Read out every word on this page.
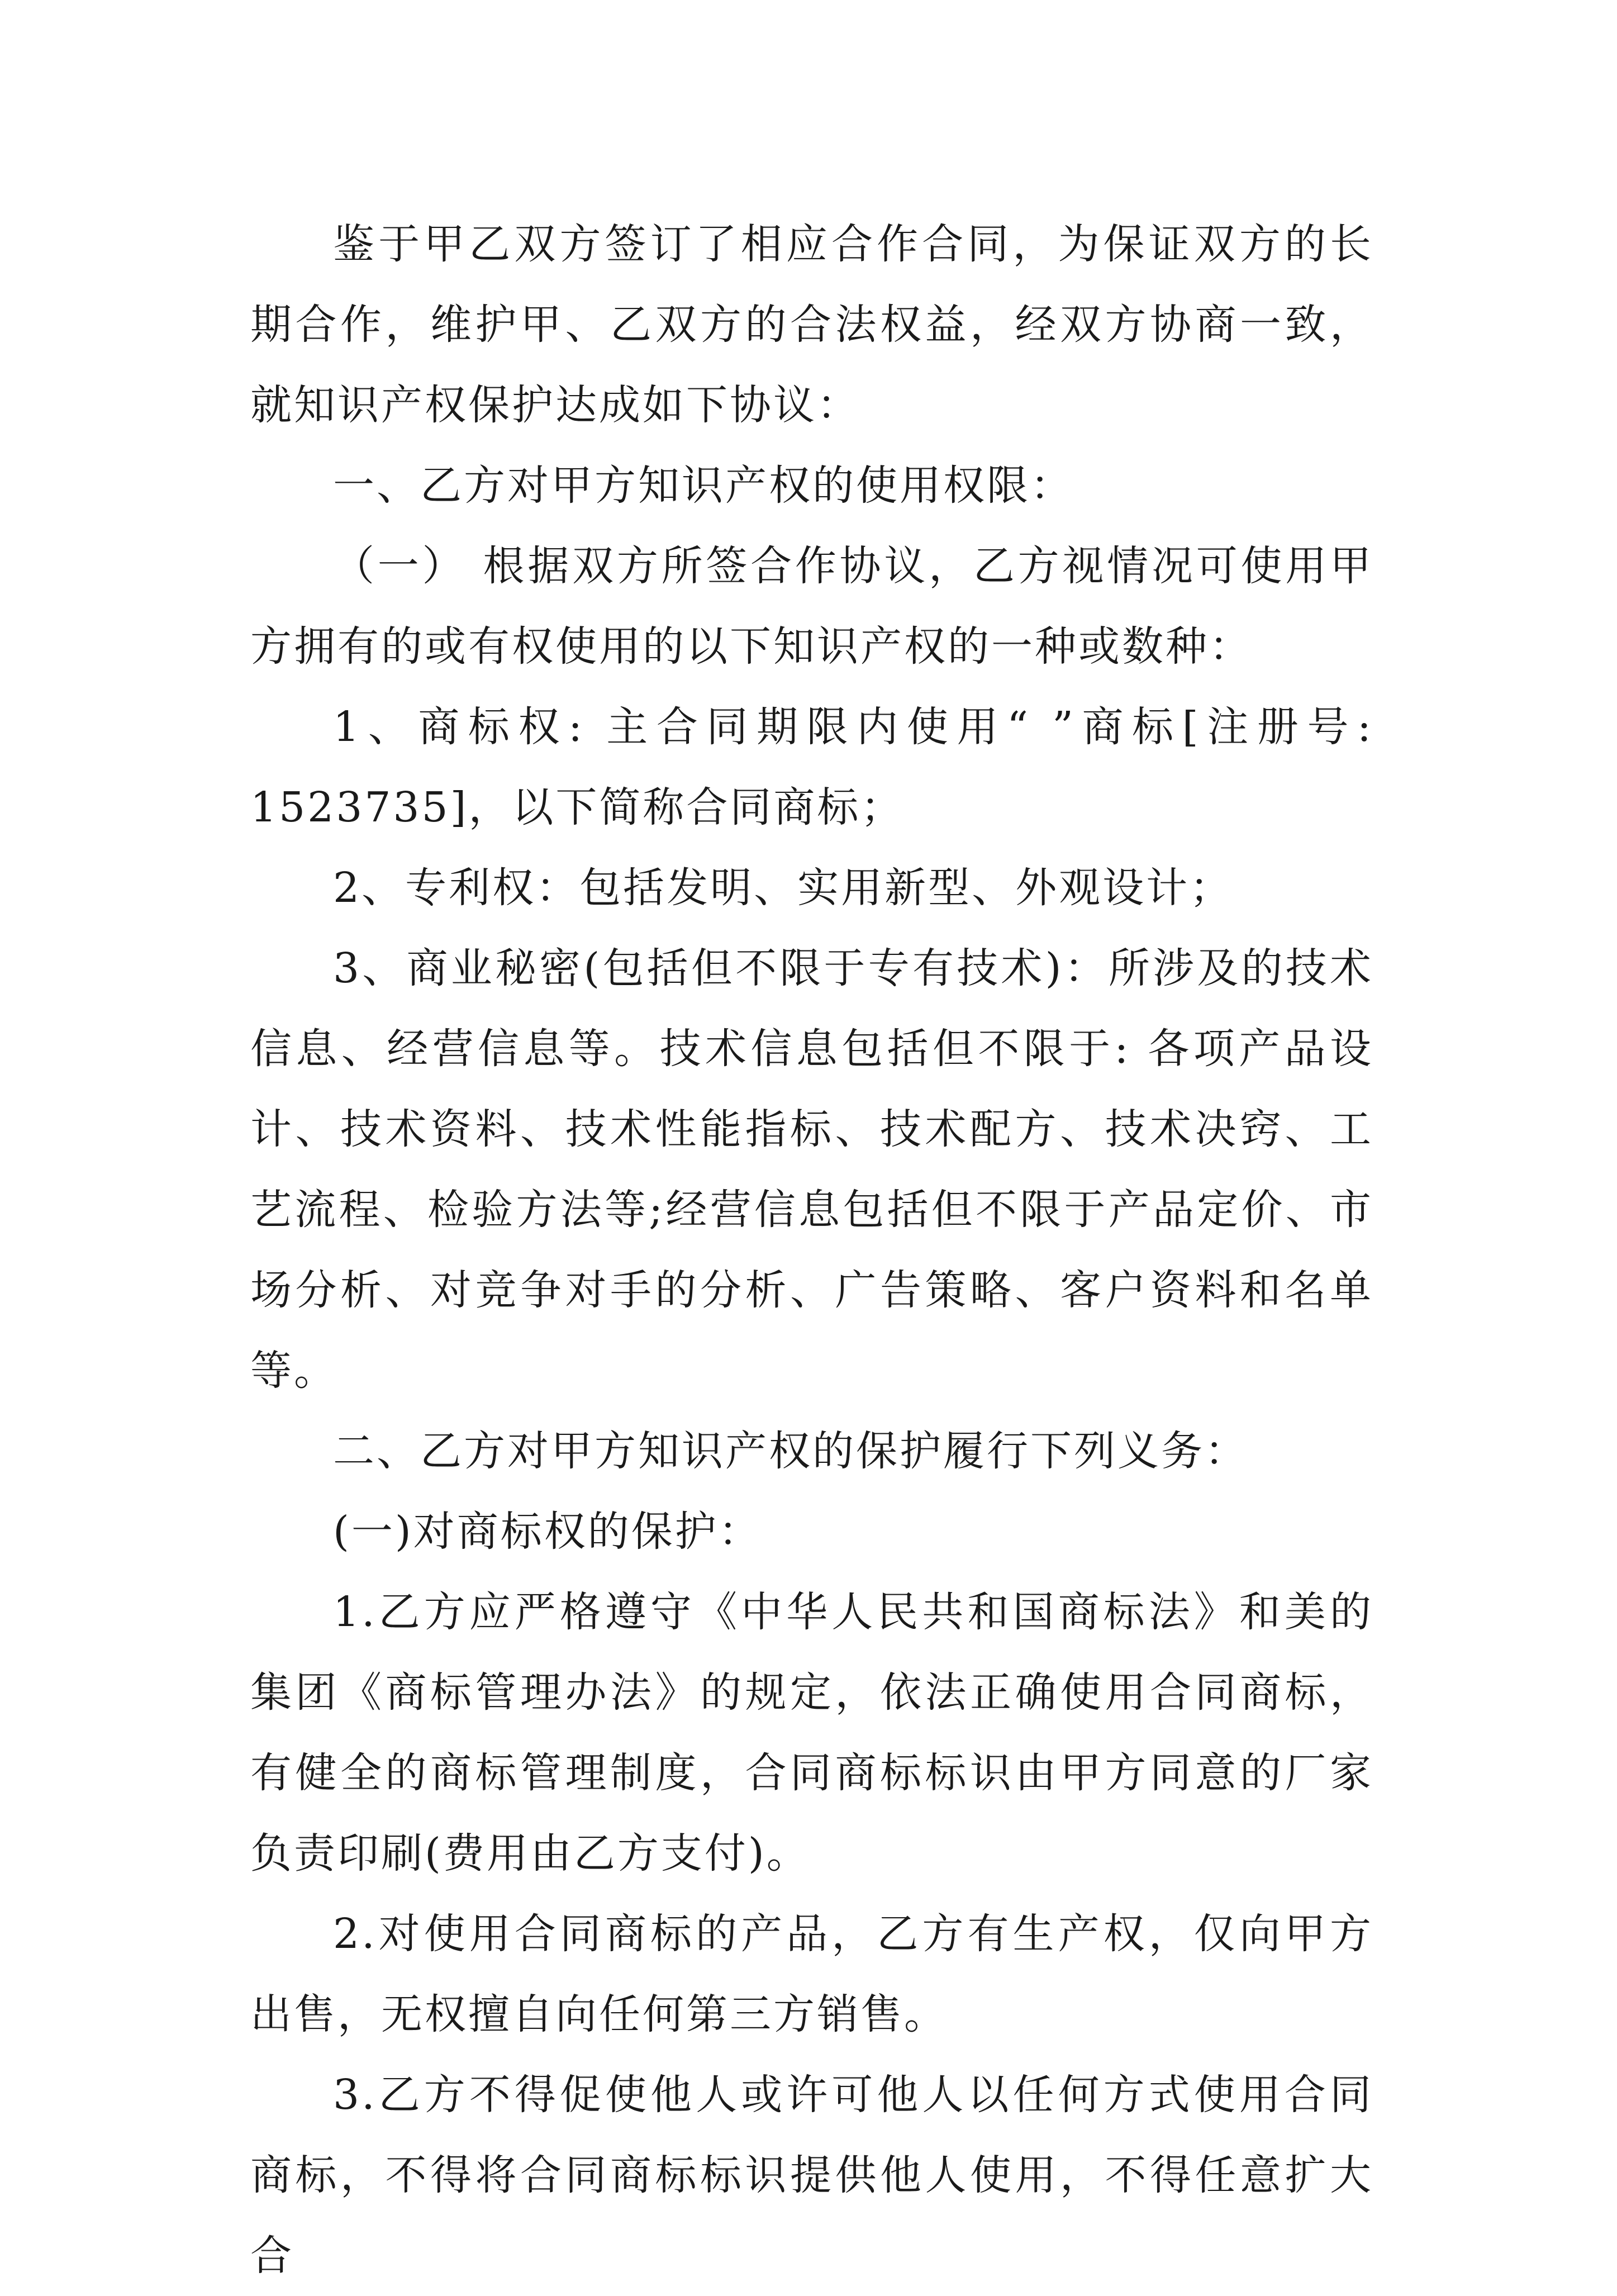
鉴于甲乙双方签订了相应合作合同，为保证双方的长期合作，维护甲、乙双方的合法权益，经双方协商一致，就知识产权保护达成如下协议：

一、乙方对甲方知识产权的使用权限：

（一） 根据双方所签合作协议，乙方视情况可使用甲方拥有的或有权使用的以下知识产权的一种或数种：

1、商标权: 主合同期限内使用“ ”商标[注册号: 1523735]，以下简称合同商标；

2、专利权：包括发明、实用新型、外观设计；

3、商业秘密(包括但不限于专有技术)：所涉及的技术信息、经营信息等。技术信息包括但不限于: 各项产品设计、技术资料、技术性能指标、技术配方、技术决窍、工艺流程、检验方法等;经营信息包括但不限于产品定价、市场分析、对竞争对手的分析、广告策略、客户资料和名单等。

二、乙方对甲方知识产权的保护履行下列义务：

(一)对商标权的保护：

1.乙方应严格遵守《中华人民共和国商标法》和美的集团《商标管理办法》的规定，依法正确使用合同商标，有健全的商标管理制度，合同商标标识由甲方同意的厂家负责印刷(费用由乙方支付)。

2.对使用合同商标的产品，乙方有生产权，仅向甲方出售，无权擅自向任何第三方销售。

3.乙方不得促使他人或许可他人以任何方式使用合同商标，不得将合同商标标识提供他人使用，不得任意扩大合
